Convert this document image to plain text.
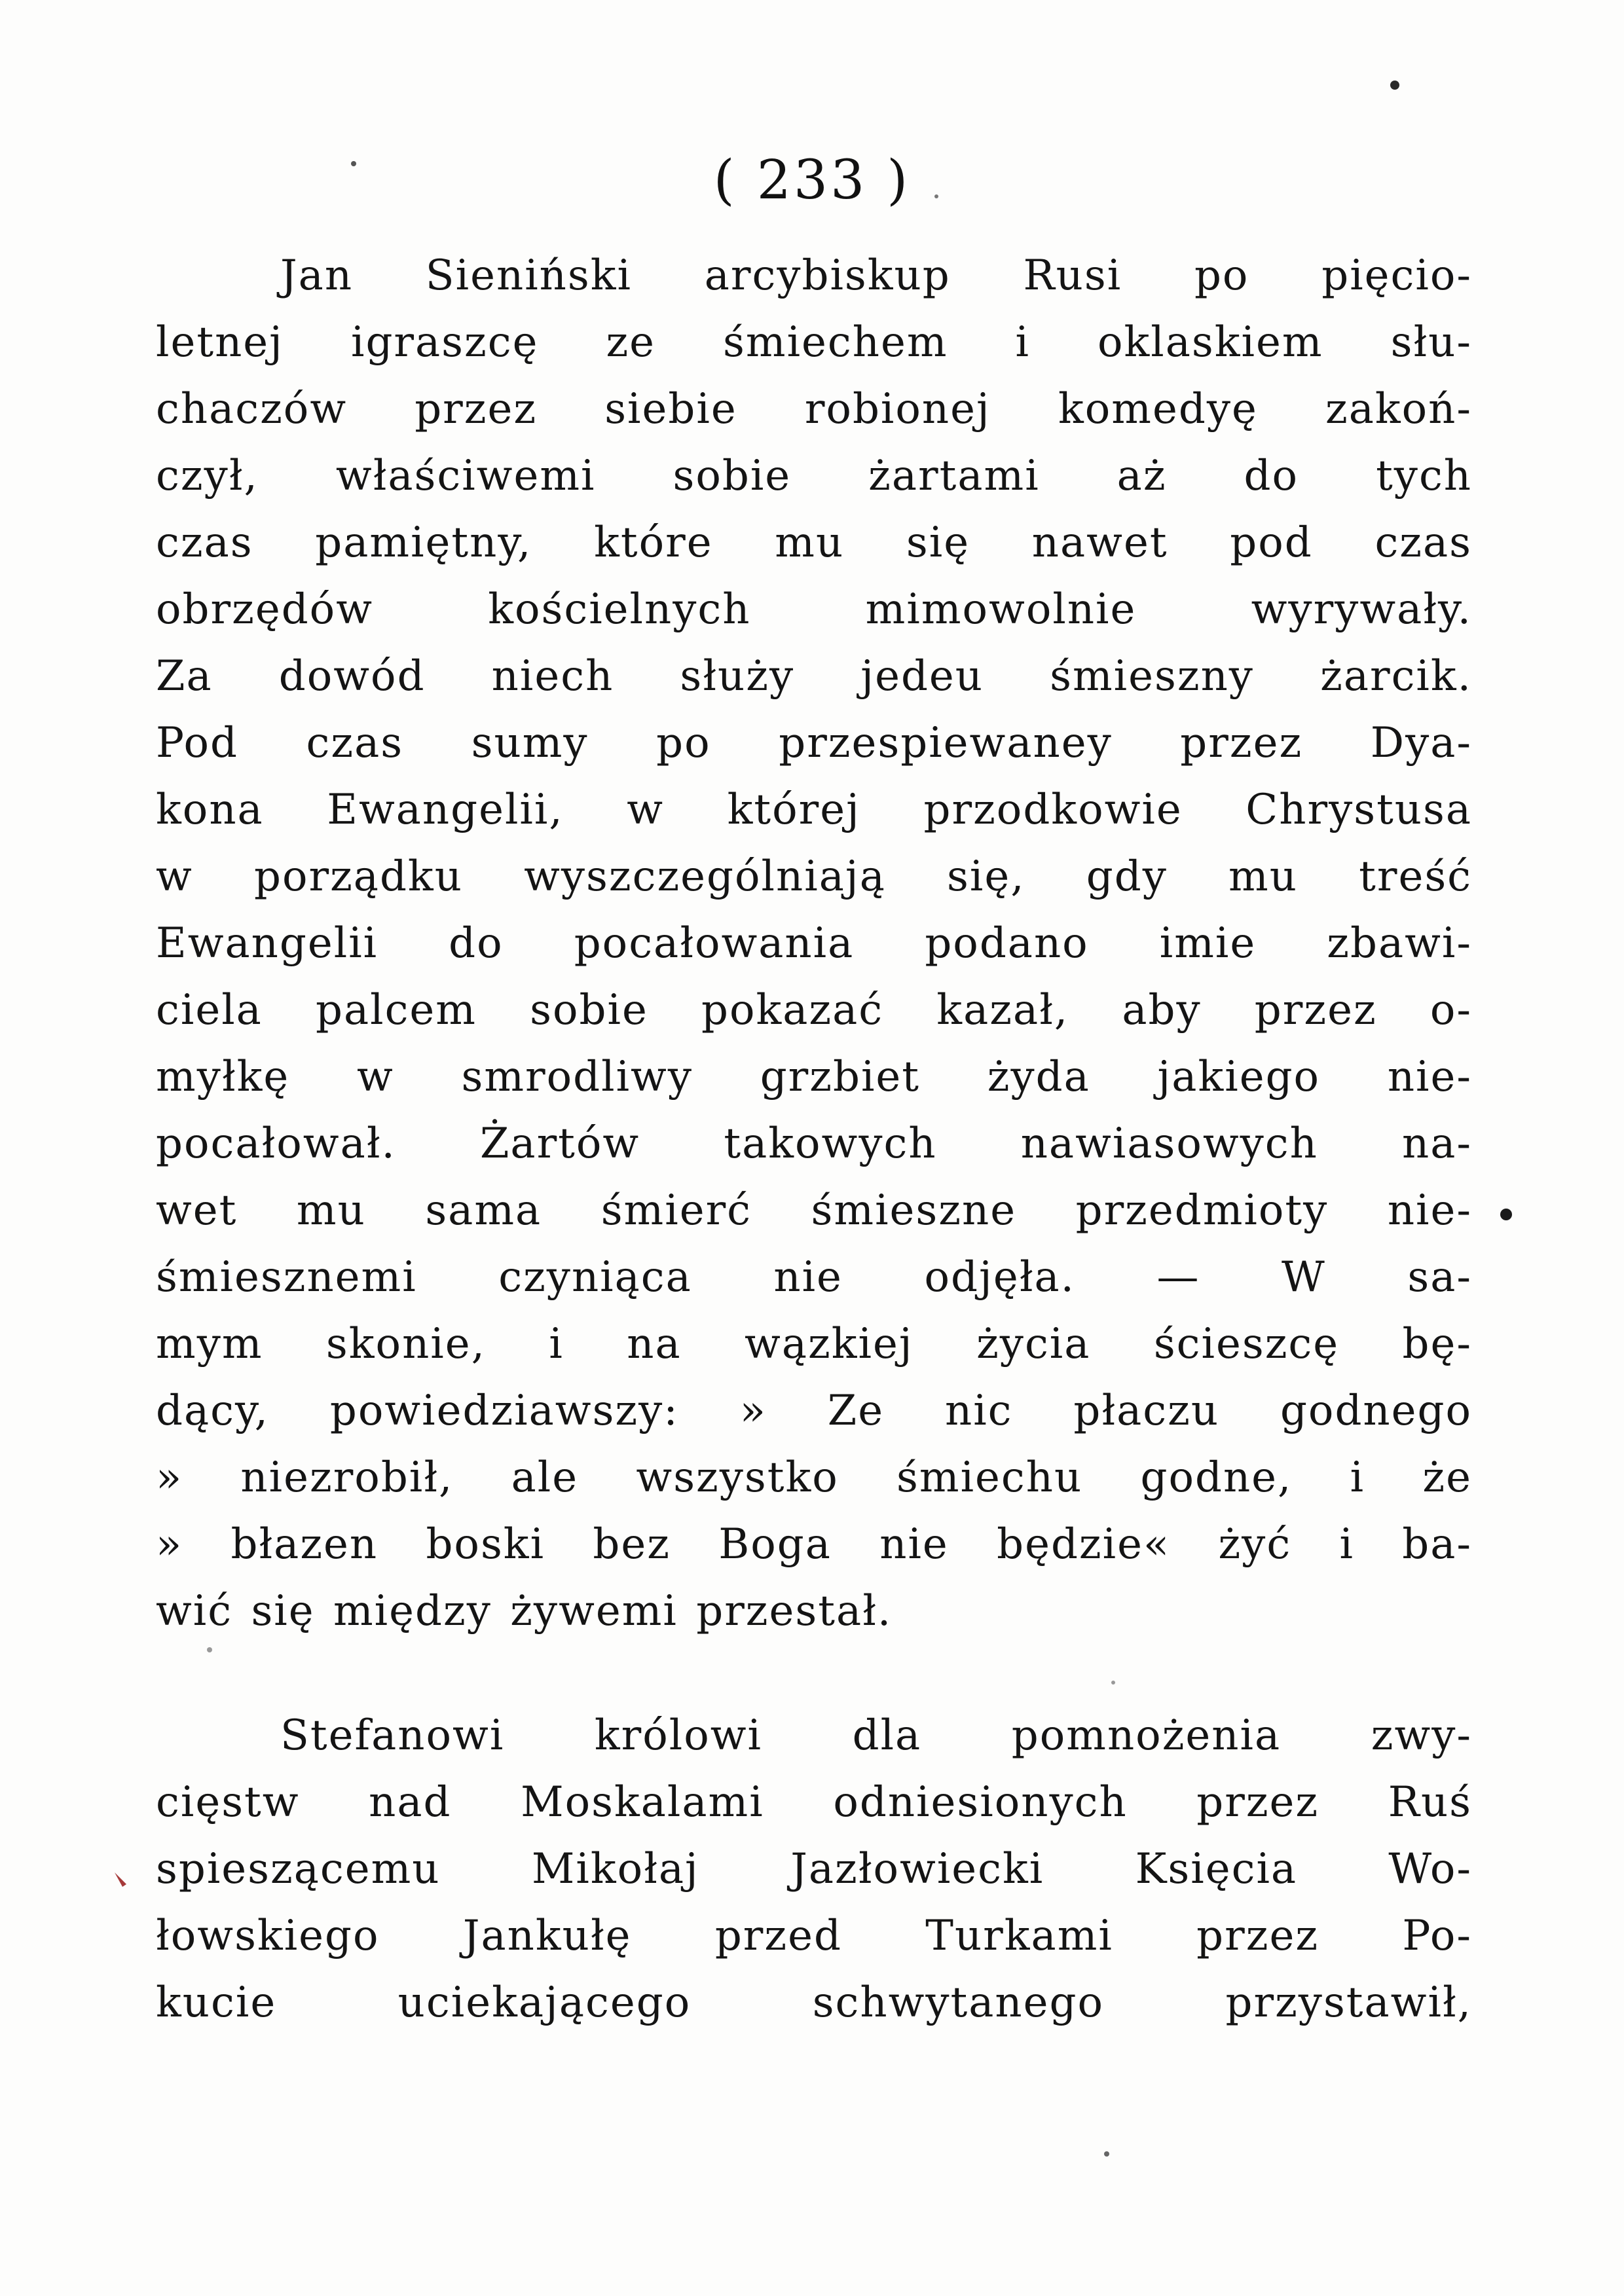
( 233 )
Jan Sieniński arcybiskup Rusi po pięcio-
letnej igraszcę ze śmiechem i oklaskiem słu-
chaczów przez siebie robionej komedyę zakoń-
czył, właściwemi sobie żartami aż do tych
czas pamiętny, które mu się nawet pod czas
obrzędów kościelnych mimowolnie wyrywały.
Za dowód niech służy jedeu śmieszny żarcik.
Pod czas sumy po przespiewaney przez Dya-
kona Ewangelii, w której przodkowie Chrystusa
w porządku wyszczególniają się, gdy mu treść
Ewangelii do pocałowania podano imie zbawi-
ciela palcem sobie pokazać kazał, aby przez o-
myłkę w smrodliwy grzbiet żyda jakiego nie-
pocałował. Żartów takowych nawiasowych na-
wet mu sama śmierć śmieszne przedmioty nie-
śmiesznemi czyniąca nie odjęła. — W sa-
mym skonie, i na wązkiej życia ścieszcę bę-
dący, powiedziawszy: » Ze nic płaczu godnego
» niezrobił, ale wszystko śmiechu godne, i że
» błazen boski bez Boga nie będzie« żyć i ba-
wić się między żywemi przestał.
Stefanowi królowi dla pomnożenia zwy-
cięstw nad Moskalami odniesionych przez Ruś
spieszącemu Mikołaj Jazłowiecki Księcia Wo-
łowskiego Jankułę przed Turkami przez Po-
kucie uciekającego schwytanego przystawił,
